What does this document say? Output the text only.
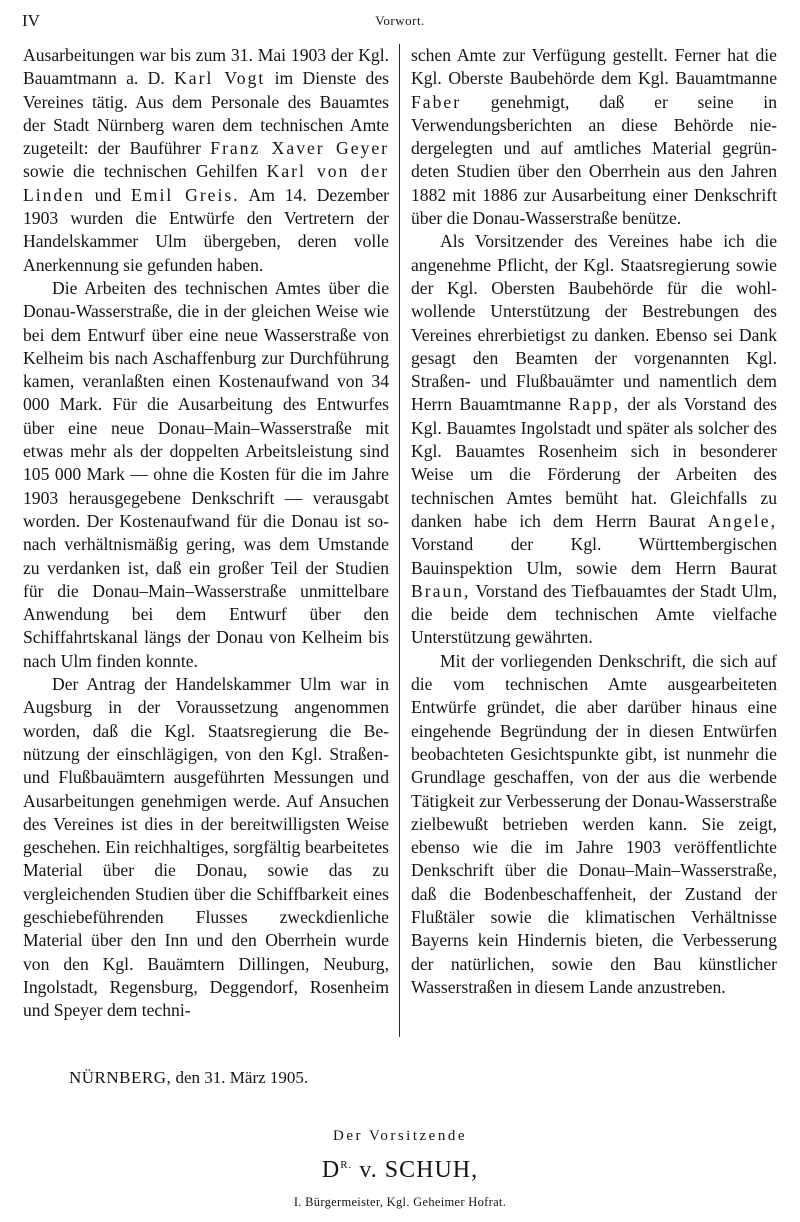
IV	Vorwort.

Ausarbeitungen war bis zum 31. Mai 1903 der Kgl. Bauamtmann a. D. Karl Vogt im Dienste des Vereines tätig. Aus dem Personale des Bauamtes der Stadt Nürnberg waren dem technischen Amte zugeteilt: der Bauführer Franz Xaver Geyer sowie die technischen Gehilfen Karl von der Linden und Emil Greis. Am 14. Dezember 1903 wurden die Entwürfe den Vertretern der Handelskammer Ulm übergeben, deren volle Anerkennung sie gefunden haben.

Die Arbeiten des technischen Amtes über die Donau-Wasserstraße, die in der gleichen Weise wie bei dem Entwurf über eine neue Wasserstraße von Kelheim bis nach Aschaffenburg zur Durchführung kamen, veranlaßten einen Kostenaufwand von 34 000 Mark. Für die Ausarbeitung des Entwurfes über eine neue Donau–Main–Wasserstraße mit etwas mehr als der doppelten Arbeitsleistung sind 105 000 Mark — ohne die Kosten für die im Jahre 1903 herausgegebene Denkschrift — verausgabt worden. Der Kostenaufwand für die Donau ist sonach verhältnismäßig gering, was dem Umstande zu verdanken ist, daß ein großer Teil der Studien für die Donau–Main–Wasserstraße unmittelbare Anwendung bei dem Entwurf über den Schiffahrtskanal längs der Donau von Kelheim bis nach Ulm finden konnte.

Der Antrag der Handelskammer Ulm war in Augsburg in der Voraussetzung angenommen worden, daß die Kgl. Staatsregierung die Benützung der einschlägigen, von den Kgl. Straßen- und Flußbauämtern ausgeführten Messungen und Ausarbeitungen genehmigen werde. Auf Ansuchen des Vereines ist dies in der bereitwilligsten Weise geschehen. Ein reichhaltiges, sorgfältig bearbeitetes Material über die Donau, sowie das zu vergleichenden Studien über die Schiffbarkeit eines geschiebeführenden Flusses zweckdienliche Material über den Inn und den Oberrhein wurde von den Kgl. Bauämtern Dillingen, Neuburg, Ingolstadt, Regensburg, Deggendorf, Rosenheim und Speyer dem techni-

schen Amte zur Verfügung gestellt. Ferner hat die Kgl. Oberste Baubehörde dem Kgl. Bauamtmanne Faber genehmigt, daß er seine in Verwendungsberichten an diese Behörde niedergelegten und auf amtliches Material gegründeten Studien über den Oberrhein aus den Jahren 1882 mit 1886 zur Ausarbeitung einer Denkschrift über die Donau-Wasserstraße benütze.

Als Vorsitzender des Vereines habe ich die angenehme Pflicht, der Kgl. Staatsregierung sowie der Kgl. Obersten Baubehörde für die wohlwollende Unterstützung der Bestrebungen des Vereines ehrerbietigst zu danken. Ebenso sei Dank gesagt den Beamten der vorgenannten Kgl. Straßen- und Flußbauämter und namentlich dem Herrn Bauamtmanne Rapp, der als Vorstand des Kgl. Bauamtes Ingolstadt und später als solcher des Kgl. Bauamtes Rosenheim sich in besonderer Weise um die Förderung der Arbeiten des technischen Amtes bemüht hat. Gleichfalls zu danken habe ich dem Herrn Baurat Angele, Vorstand der Kgl. Württembergischen Bauinspektion Ulm, sowie dem Herrn Baurat Braun, Vorstand des Tiefbauamtes der Stadt Ulm, die beide dem technischen Amte vielfache Unterstützung gewährten.

Mit der vorliegenden Denkschrift, die sich auf die vom technischen Amte ausgearbeiteten Entwürfe gründet, die aber darüber hinaus eine eingehende Begründung der in diesen Entwürfen beobachteten Gesichtspunkte gibt, ist nunmehr die Grundlage geschaffen, von der aus die werbende Tätigkeit zur Verbesserung der Donau-Wasserstraße zielbewußt betrieben werden kann. Sie zeigt, ebenso wie die im Jahre 1903 veröffentlichte Denkschrift über die Donau–Main–Wasserstraße, daß die Bodenbeschaffenheit, der Zustand der Flußtäler sowie die klimatischen Verhältnisse Bayerns kein Hindernis bieten, die Verbesserung der natürlichen, sowie den Bau künstlicher Wasserstraßen in diesem Lande anzustreben.

NÜRNBERG, den 31. März 1905.
Der Vorsitzende
$D^{R.}$ v. SCHUH,
I. Bürgermeister, Kgl. Geheimer Hofrat.
